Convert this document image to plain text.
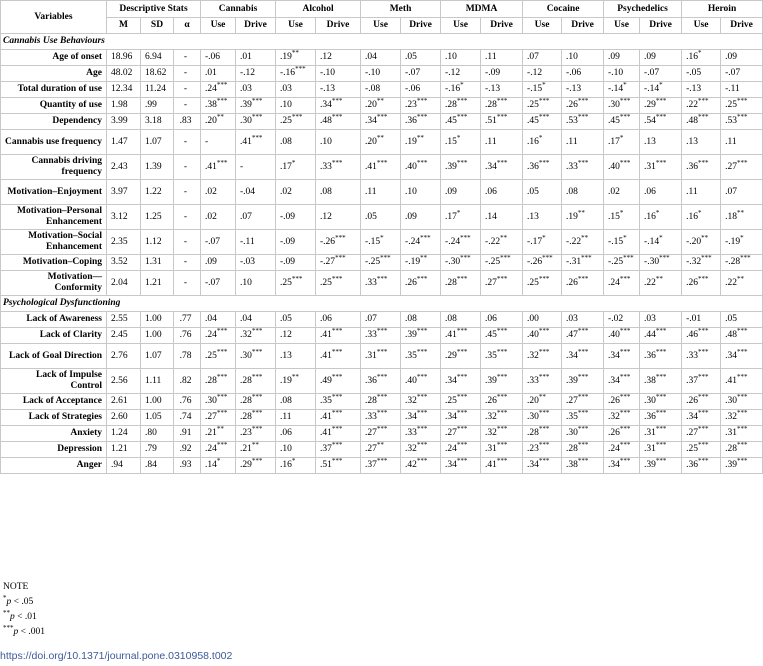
Variables	Descriptive Stats			Cannabis		Alcohol		Meth		MDMA		Cocaine		Psychedelics		Heroin	
	M	SD	α	Use	Drive	Use	Drive	Use	Drive	Use	Drive	Use	Drive	Use	Drive	Use	Drive
Cannabis Use Behaviours																	
Age of onset	18.96	6.94	-	-.06	.01	.19**	.12	.04	.05	.10	.11	.07	.10	.09	.09	.16*	.09
Age	48.02	18.62	-	.01	-.12	-.16***	-.10	-.10	-.07	-.12	-.09	-.12	-.06	-.10	-.07	-.05	-.07
Total duration of use	12.34	11.24	-	.24***	.03	.03	-.13	-.08	-.06	-.16*	-.13	-.15*	-.13	-.14*	-.14*	-.13	-.11
Quantity of use	1.98	.99	-	.38***	.39***	.10	.34***	.20**	.23***	.28***	.28***	.25***	.26***	.30***	.29***	.22***	.25***
Dependency	3.99	3.18	.83	.20**	.30***	.25***	.48***	.34***	.36***	.45***	.51***	.45***	.53***	.45***	.54***	.48***	.53***
Cannabis use frequency	1.47	1.07	-	-	.41***	.08	.10	.20**	.19**	.15*	.11	.16*	.11	.17*	.13	.13	.11
Cannabis driving frequency	2.43	1.39	-	.41***	-	.17*	.33***	.41***	.40***	.39***	.34***	.36***	.33***	.40***	.31***	.36***	.27***
Motivation–Enjoyment	3.97	1.22	-	.02	-.04	.02	.08	.11	.10	.09	.06	.05	.08	.02	.06	.11	.07
Motivation–Personal Enhancement	3.12	1.25	-	.02	.07	-.09	.12	.05	.09	.17*	.14	.13	.19**	.15*	.16*	.16*	.18**
Motivation–Social Enhancement	2.35	1.12	-	-.07	-.11	-.09	-.26***	-.15*	-.24***	-.24***	-.22**	-.17*	-.22**	-.15*	-.14*	-.20**	-.19*
Motivation–Coping	3.52	1.31	-	.09	-.03	-.09	-.27***	-.25***	-.19**	-.30***	-.25***	-.26***	-.31***	-.25***	-.30***	-.32***	-.28***
Motivation—Conformity	2.04	1.21	-	-.07	.10	.25***	.25***	.33***	.26***	.28***	.27***	.25***	.26***	.24***	.22**	.26***	.22**
Psychological Dysfunctioning																	
Lack of Awareness	2.55	1.00	.77	.04	.04	.05	.06	.07	.08	.08	.06	.00	.03	-.02	.03	-.01	.05
Lack of Clarity	2.45	1.00	.76	.24***	.32***	.12	.41***	.33***	.39***	.41***	.45***	.40***	.47***	.40***	.44***	.46***	.48***
Lack of Goal Direction	2.76	1.07	.78	.25***	.30***	.13	.41***	.31***	.35***	.29***	.35***	.32***	.34***	.34***	.36***	.33***	.34***
Lack of Impulse Control	2.56	1.11	.82	.28***	.28***	.19**	.49***	.36***	.40***	.34***	.39***	.33***	.39***	.34***	.38***	.37***	.41***
Lack of Acceptance	2.61	1.00	.76	.30***	.28***	.08	.35***	.28***	.32***	.25***	.26***	.20**	.27***	.26***	.30***	.26***	.30***
Lack of Strategies	2.60	1.05	.74	.27***	.28***	.11	.41***	.33***	.34***	.34***	.32***	.30***	.35***	.32***	.36***	.34***	.32***
Anxiety	1.24	.80	.91	.21**	.23***	.06	.41***	.27***	.33***	.27***	.32***	.28***	.30***	.26***	.31***	.27***	.31***
Depression	1.21	.79	.92	.24***	.21**	.10	.37***	.27**	.32***	.24***	.31***	.23***	.28***	.24***	.31***	.25***	.28***
Anger	.94	.84	.93	.14*	.29***	.16*	.51***	.37***	.42***	.34***	.41***	.34***	.38***	.34***	.39***	.36***	.39***
NOTE
*p < .05
**p < .01
***p < .001
https://doi.org/10.1371/journal.pone.0310958.t002
